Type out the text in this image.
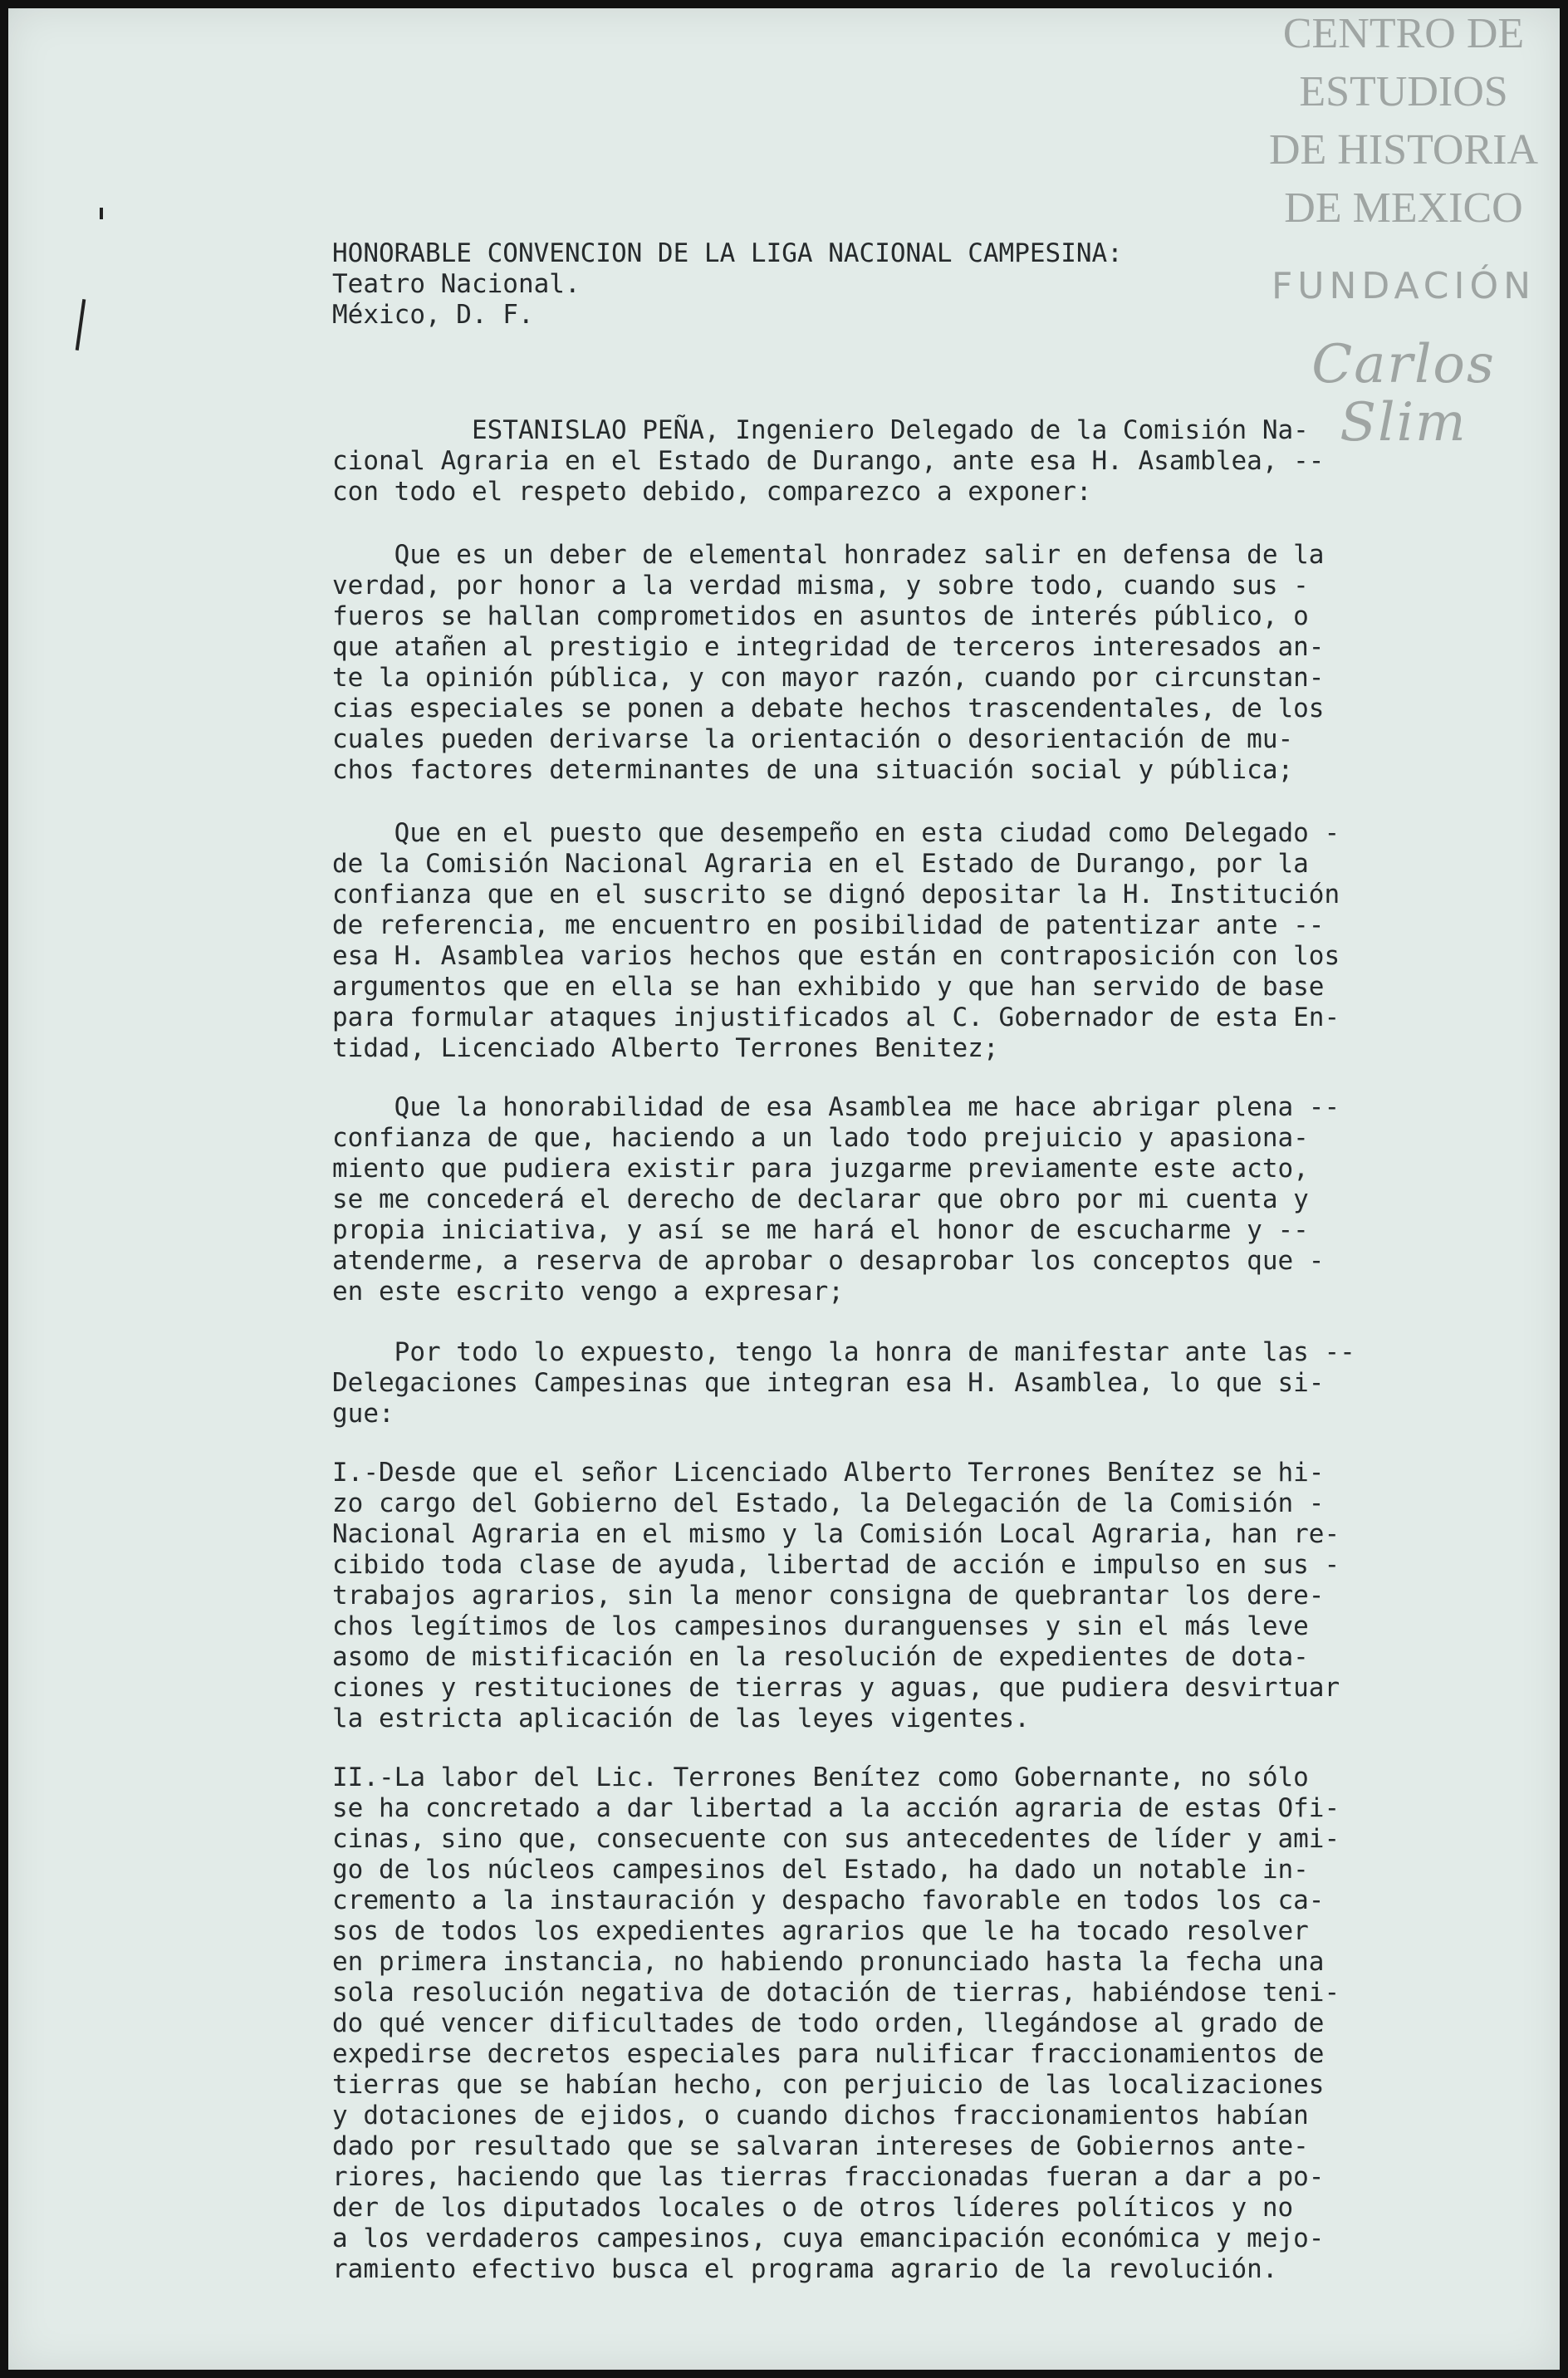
CENTRO DE
ESTUDIOS
DE HISTORIA
DE MEXICO
FUNDACIÓN
Carlos Slim
HONORABLE CONVENCION DE LA LIGA NACIONAL CAMPESINA:
Teatro Nacional.
México, D. F.
ESTANISLAO PEÑA, Ingeniero Delegado de la Comisión Na-
cional Agraria en el Estado de Durango, ante esa H. Asamblea, --
con todo el respeto debido, comparezco a exponer:
Que es un deber de elemental honradez salir en defensa de la
verdad, por honor a la verdad misma, y sobre todo, cuando sus -
fueros se hallan comprometidos en asuntos de interés público, o
que atañen al prestigio e integridad de terceros interesados an-
te la opinión pública, y con mayor razón, cuando por circunstan-
cias especiales se ponen a debate hechos trascendentales, de los
cuales pueden derivarse la orientación o desorientación de mu-
chos factores determinantes de una situación social y pública;
Que en el puesto que desempeño en esta ciudad como Delegado -
de la Comisión Nacional Agraria en el Estado de Durango, por la
confianza que en el suscrito se dignó depositar la H. Institución
de referencia, me encuentro en posibilidad de patentizar ante --
esa H. Asamblea varios hechos que están en contraposición con los
argumentos que en ella se han exhibido y que han servido de base
para formular ataques injustificados al C. Gobernador de esta En-
tidad, Licenciado Alberto Terrones Benitez;
Que la honorabilidad de esa Asamblea me hace abrigar plena --
confianza de que, haciendo a un lado todo prejuicio y apasiona-
miento que pudiera existir para juzgarme previamente este acto,
se me concederá el derecho de declarar que obro por mi cuenta y
propia iniciativa, y así se me hará el honor de escucharme y --
atenderme, a reserva de aprobar o desaprobar los conceptos que -
en este escrito vengo a expresar;
Por todo lo expuesto, tengo la honra de manifestar ante las --
Delegaciones Campesinas que integran esa H. Asamblea, lo que si-
gue:
I.-Desde que el señor Licenciado Alberto Terrones Benítez se hi-
zo cargo del Gobierno del Estado, la Delegación de la Comisión -
Nacional Agraria en el mismo y la Comisión Local Agraria, han re-
cibido toda clase de ayuda, libertad de acción e impulso en sus -
trabajos agrarios, sin la menor consigna de quebrantar los dere-
chos legítimos de los campesinos duranguenses y sin el más leve
asomo de mistificación en la resolución de expedientes de dota-
ciones y restituciones de tierras y aguas, que pudiera desvirtuar
la estricta aplicación de las leyes vigentes.
II.-La labor del Lic. Terrones Benítez como Gobernante, no sólo
se ha concretado a dar libertad a la acción agraria de estas Ofi-
cinas, sino que, consecuente con sus antecedentes de líder y ami-
go de los núcleos campesinos del Estado, ha dado un notable in-
cremento a la instauración y despacho favorable en todos los ca-
sos de todos los expedientes agrarios que le ha tocado resolver
en primera instancia, no habiendo pronunciado hasta la fecha una
sola resolución negativa de dotación de tierras, habiéndose teni-
do qué vencer dificultades de todo orden, llegándose al grado de
expedirse decretos especiales para nulificar fraccionamientos de
tierras que se habían hecho, con perjuicio de las localizaciones
y dotaciones de ejidos, o cuando dichos fraccionamientos habían
dado por resultado que se salvaran intereses de Gobiernos ante-
riores, haciendo que las tierras fraccionadas fueran a dar a po-
der de los diputados locales o de otros líderes políticos y no
a los verdaderos campesinos, cuya emancipación económica y mejo-
ramiento efectivo busca el programa agrario de la revolución.
